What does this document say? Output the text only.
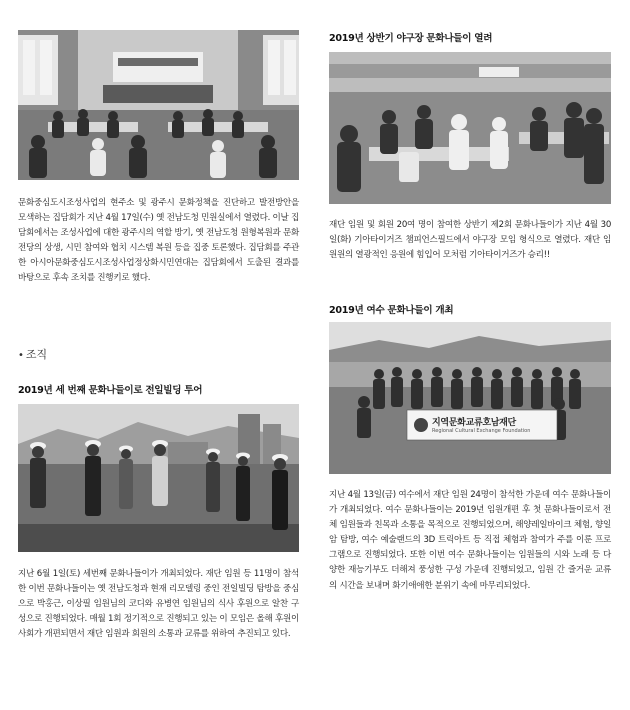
문화중심도시조성사업의 현주소 및 광주시 문화정책을 진단하고 발전방안을 모색하는 집담회가 지난 4월 17일(수) 옛 전남도청 민원실에서 열렸다. 이날 집담회에서는 조성사업에 대한 광주시의 역할 방기, 옛 전남도청 원형복원과 문화전당의 상생, 시민 참여와 협치 시스템 복원 등을 집중 토론했다. 집담회를 주관한 아시아문화중심도시조성사업정상화시민연대는 집담회에서 도출된 결과를 바탕으로 후속 조치를 진행키로 했다.

• 조직

2019년 세 번째 문화나들이로 전일빌딩 투어

지난 6월 1일(토) 세번째 문화나들이가 개최되었다. 재단 임원 등 11명이 참석한 이번 문화나들이는 옛 전남도청과 현재 리모델링 중인 전일빌딩 탐방을 중심으로 박홍근, 이상필 임원님의 코디와 유병연 임원님의 식사 후원으로 알찬 구성으로 진행되었다. 매월 1회 정기적으로 진행되고 있는 이 모임은 올해 후원이사회가 개편되면서 재단 임원과 회원의 소통과 교류를 위하여 추진되고 있다.

2019년 상반기 야구장 문화나들이 열려

재단 임원 및 회원 20여 명이 참여한 상반기 제2회 문화나들이가 지난 4월 30일(화) 기아타이거즈 챔피언스필드에서 야구장 모임 형식으로 열렸다. 재단 임원원의 열광적인 응원에 힘입어 모처럼 기아타이거즈가 승리!!

2019년 여수 문화나들이 개최

지역문화교류호남재단
Regional Cultural Exchange Foundation

지난 4월 13일(금) 여수에서 재단 임원 24명이 참석한 가운데 여수 문화나들이가 개최되었다. 여수 문화나들이는 2019년 임원개편 후 첫 문화나들이로서 전체 임원들과 친목과 소통을 목적으로 진행되었으며, 해양레일바이크 체험, 향일암 탐방, 여수 예술랜드의 3D 트릭아트 등 직접 체험과 참여가 주를 이룬 프로그램으로 진행되었다. 또한 이번 여수 문화나들이는 임원들의 시와 노래 등 다양한 재능기부도 더해져 풍성한 구성 가운데 진행되었고, 임원 간 즐거운 교류의 시간을 보내며 화기애애한 분위기 속에 마무리되었다.
